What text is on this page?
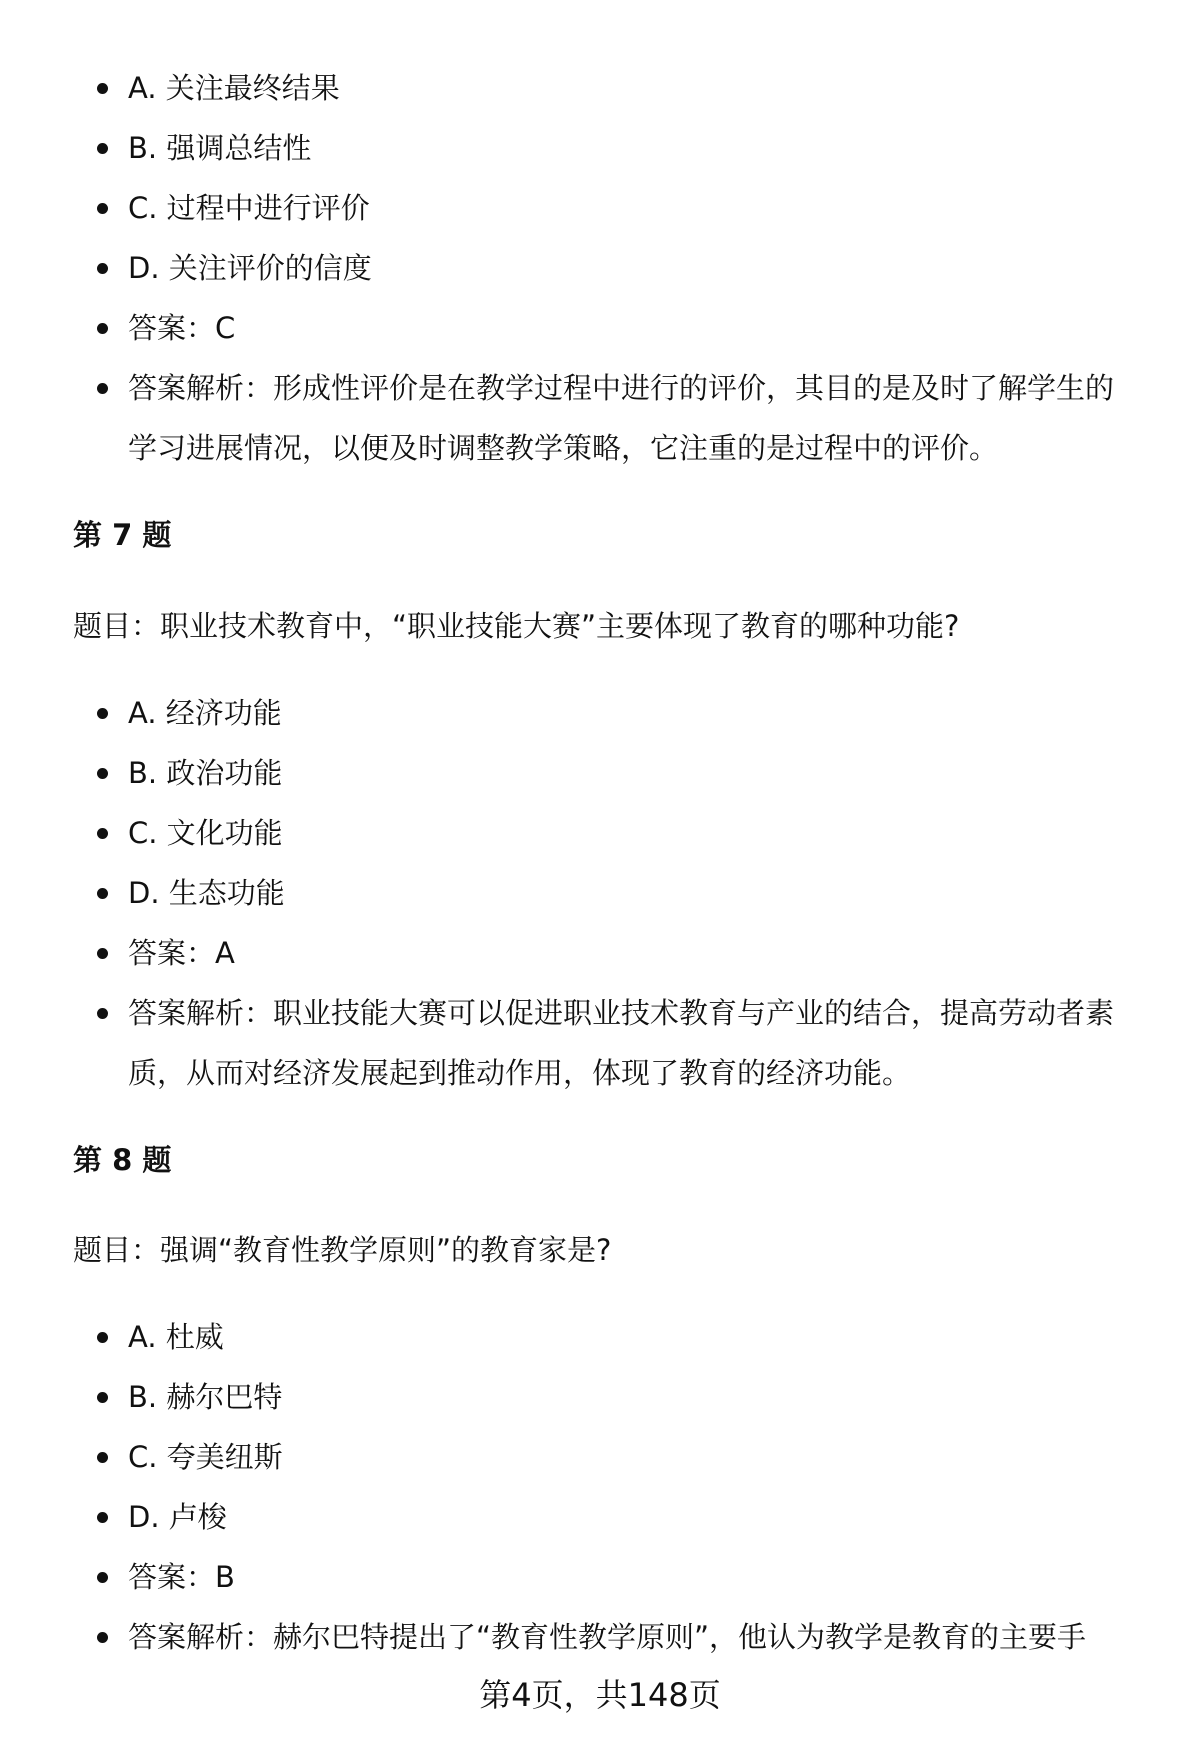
A. 关注最终结果
B. 强调总结性
C. 过程中进行评价
D. 关注评价的信度
答案：C
答案解析：形成性评价是在教学过程中进行的评价，其目的是及时了解学生的学习进展情况，以便及时调整教学策略，它注重的是过程中的评价。
第 7 题
题目：职业技术教育中，“职业技能大赛”主要体现了教育的哪种功能?
A. 经济功能
B. 政治功能
C. 文化功能
D. 生态功能
答案：A
答案解析：职业技能大赛可以促进职业技术教育与产业的结合，提高劳动者素质，从而对经济发展起到推动作用，体现了教育的经济功能。
第 8 题
题目：强调“教育性教学原则”的教育家是?
A. 杜威
B. 赫尔巴特
C. 夸美纽斯
D. 卢梭
答案：B
答案解析：赫尔巴特提出了“教育性教学原则”，他认为教学是教育的主要手
第4页，共148页
